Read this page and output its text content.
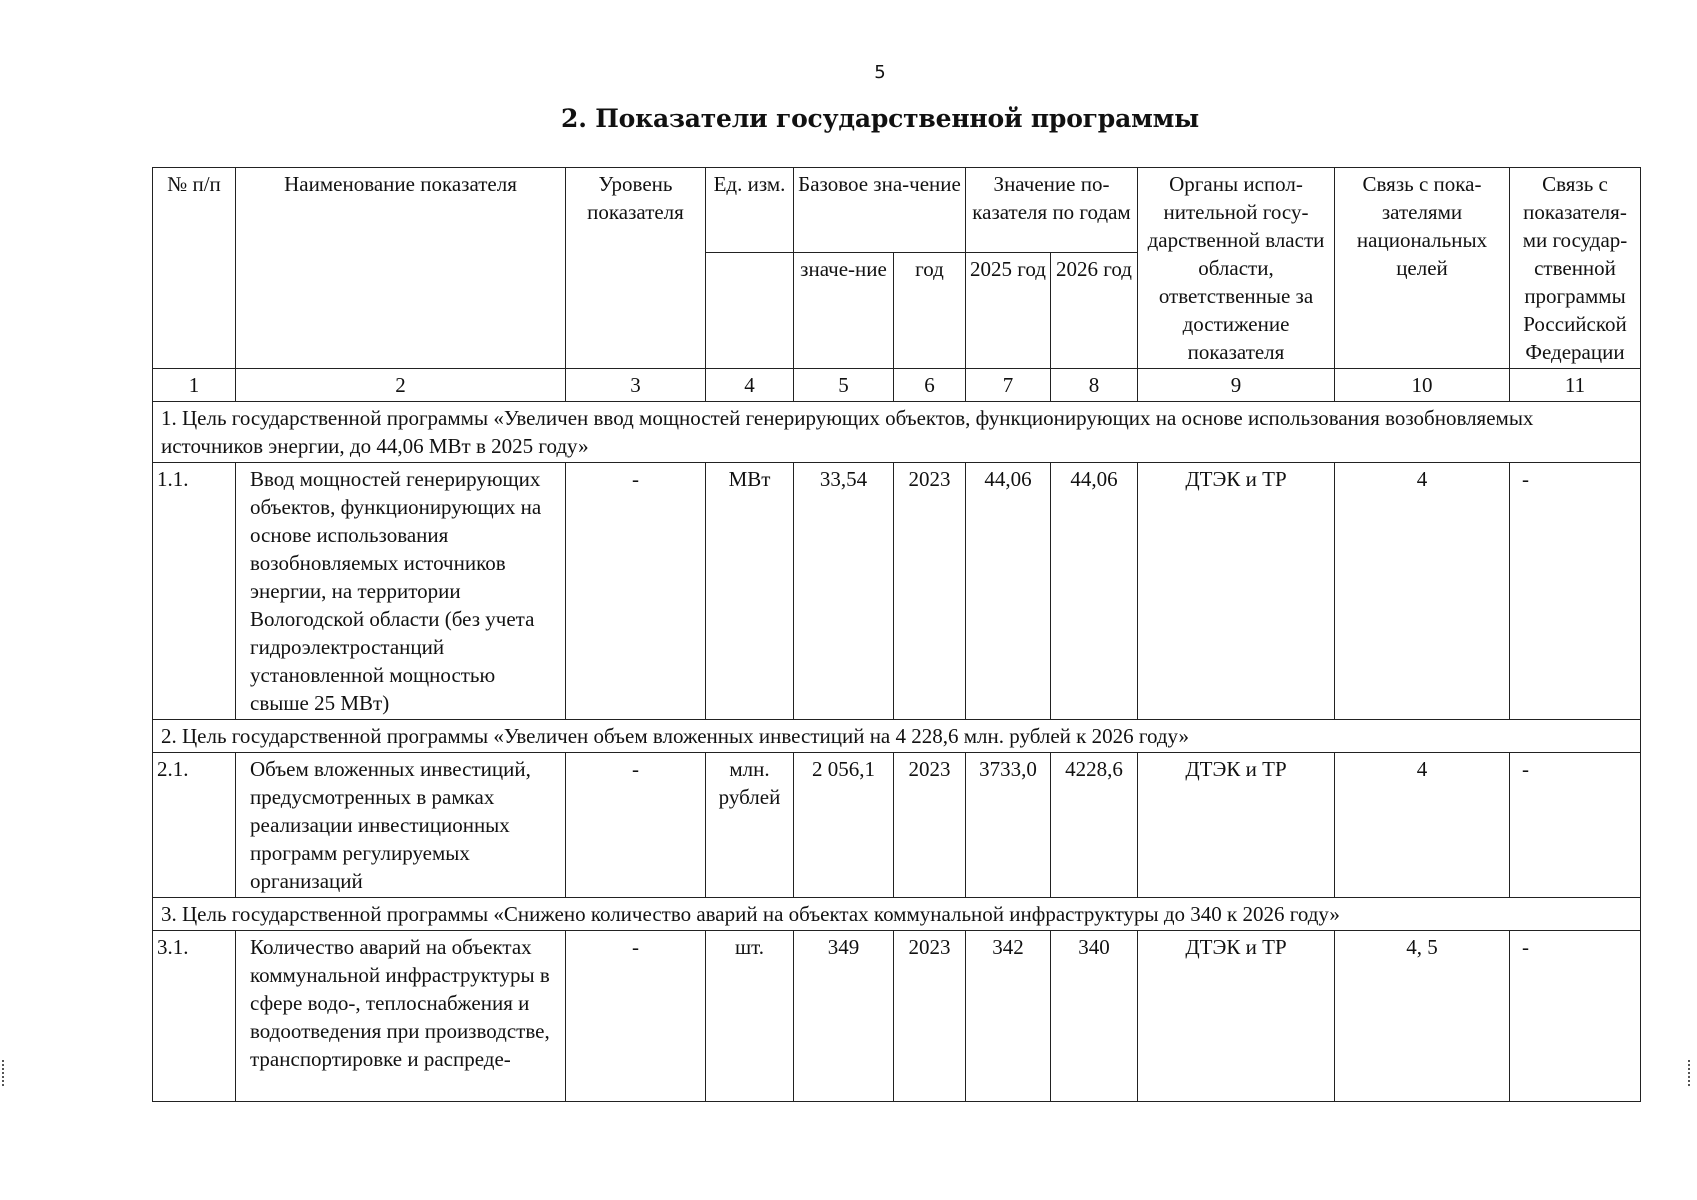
5
2. Показатели государственной программы
№ п/п	Наименование показателя	Уровень показателя	Ед. изм.	Базовое зна-чение		Значение по-казателя по годам		Органы испол-нительной госу-дарственной власти области, ответственные за достижение показателя	Связь с пока-зателями национальных целей	Связь с показателя-ми государ-ственной программы Российской Федерации
				значе-ние	год	2025 год	2026 год			
1	2	3	4	5	6	7	8	9	10	11
1. Цель государственной программы «Увеличен ввод мощностей генерирующих объектов, функционирующих на основе использования возобновляемых источников энергии, до 44,06 МВт в 2025 году»										
1.1.	Ввод мощностей генерирующих объектов, функционирующих на основе использования возобновляемых источников энергии, на территории Вологодской области (без учета гидроэлектростанций установленной мощностью свыше 25 МВт)	-	МВт	33,54	2023	44,06	44,06	ДТЭК и ТР	4	-
2. Цель государственной программы «Увеличен объем вложенных инвестиций на 4 228,6 млн. рублей к 2026 году»										
2.1.	Объем вложенных инвестиций, предусмотренных в рамках реализации инвестиционных программ регулируемых организаций	-	млн. рублей	2 056,1	2023	3733,0	4228,6	ДТЭК и ТР	4	-
3. Цель государственной программы «Снижено количество аварий на объектах коммунальной инфраструктуры до 340 к 2026 году»										
3.1.	Количество аварий на объектах коммунальной инфраструктуры в сфере водо-, теплоснабжения и водоотведения при производстве, транспортировке и распреде-	-	шт.	349	2023	342	340	ДТЭК и ТР	4, 5	-
